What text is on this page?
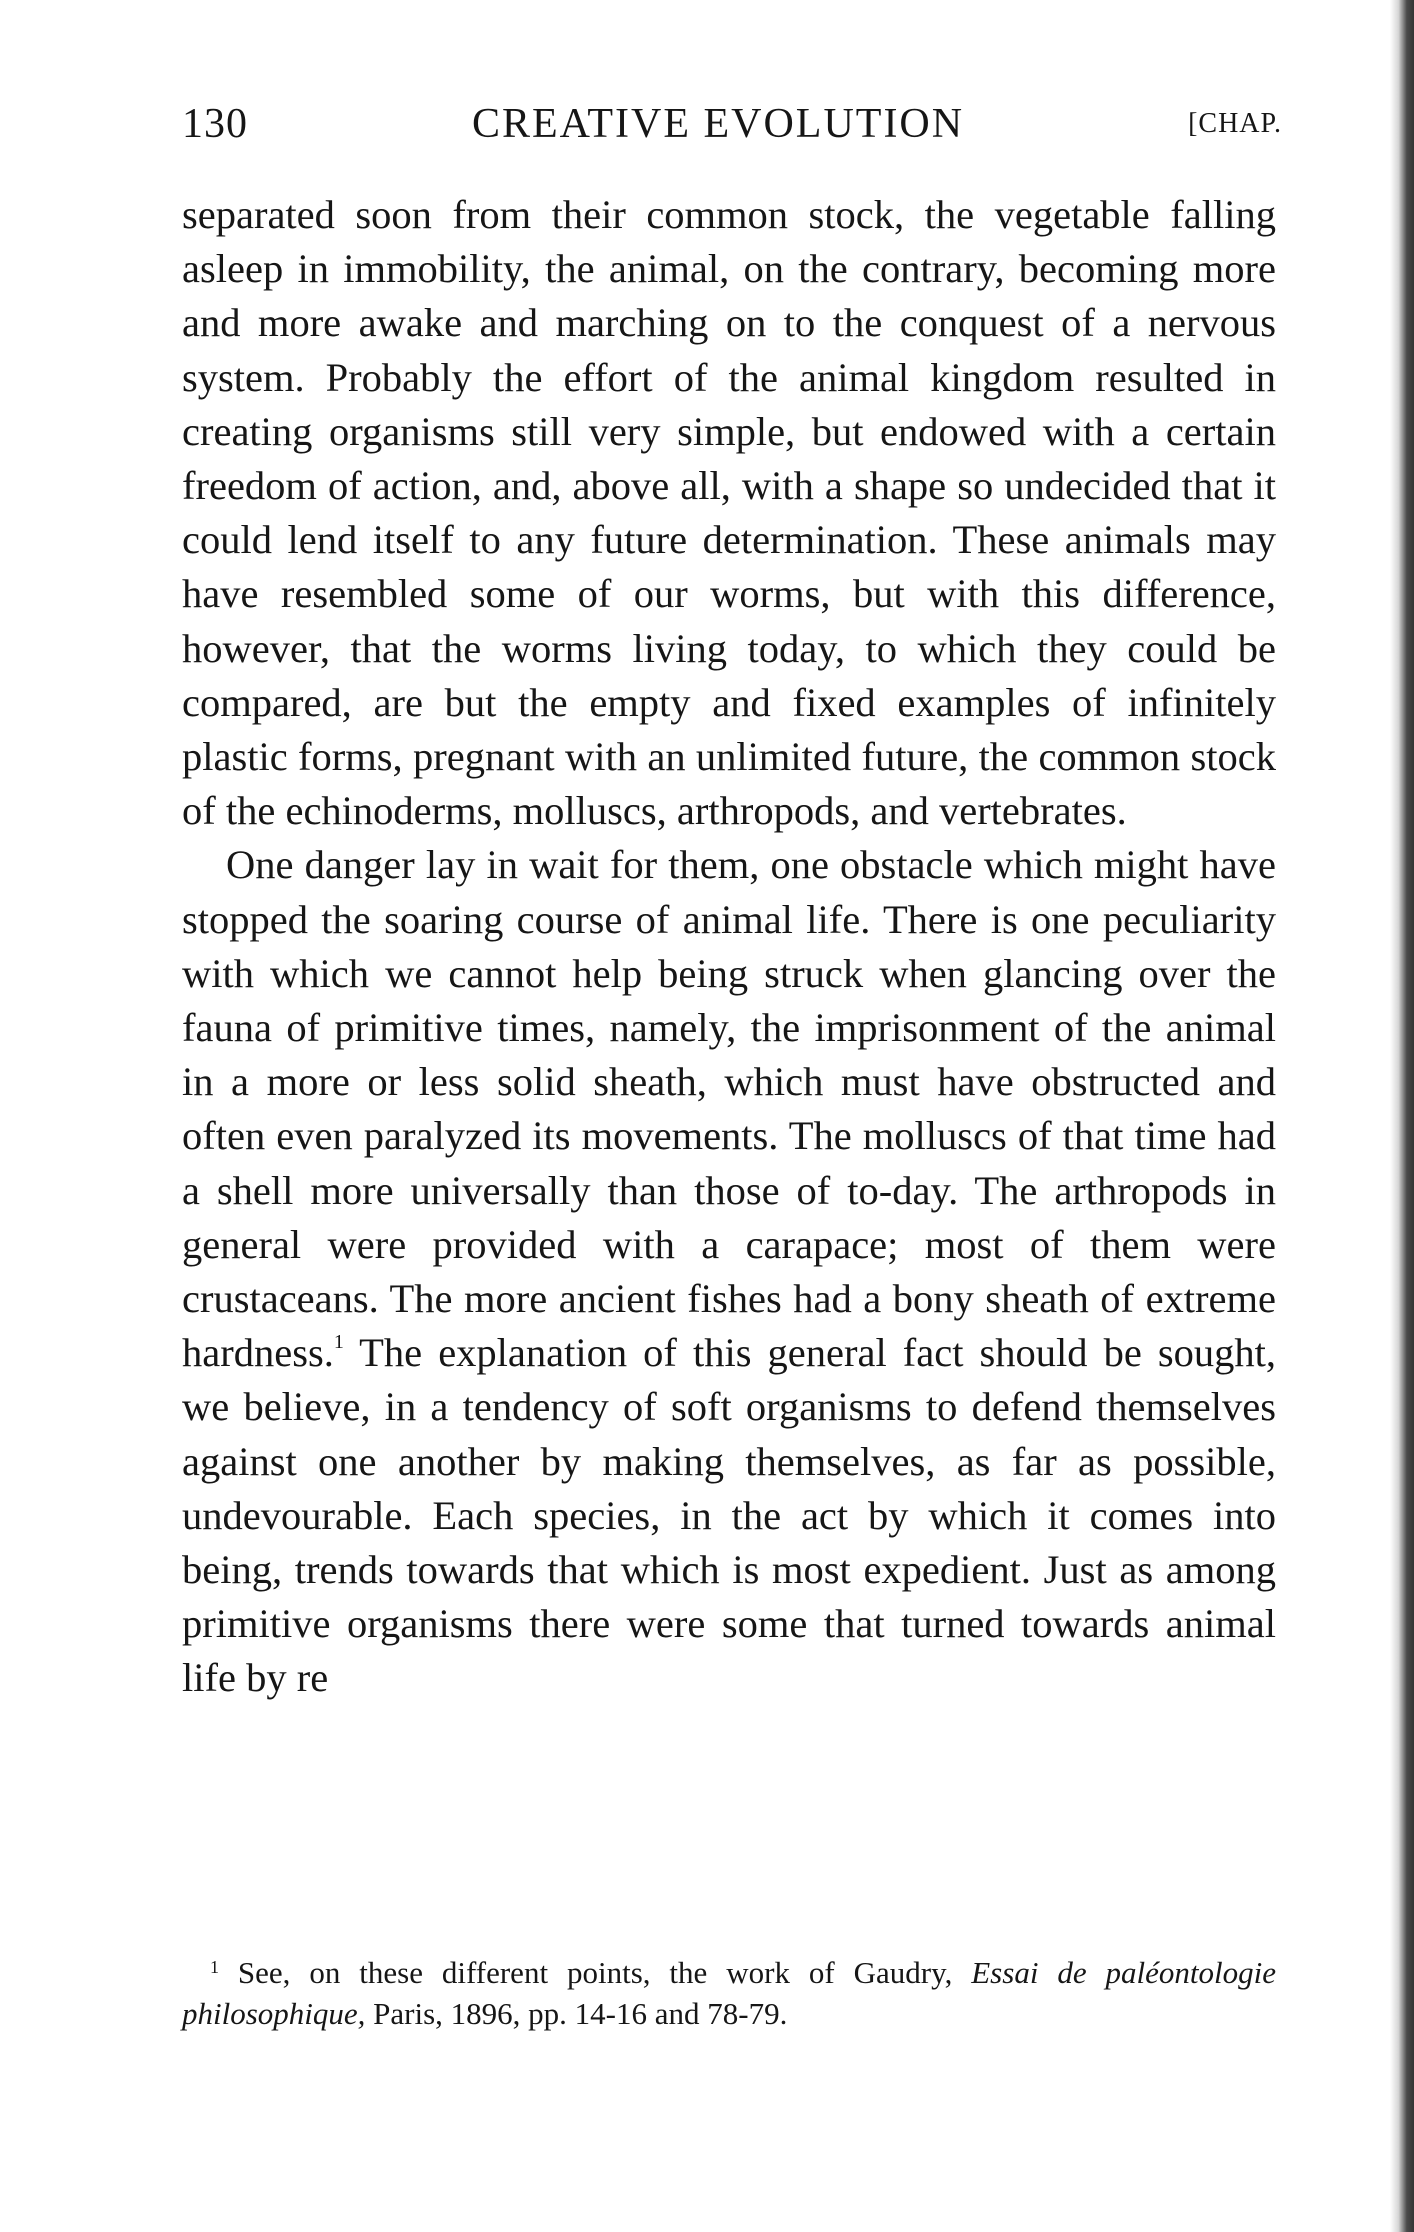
130	CREATIVE EVOLUTION	[CHAP.

separated soon from their common stock, the vegetable falling asleep in immobility, the animal, on the contrary, becoming more and more awake and marching on to the conquest of a nervous system. Probably the effort of the animal kingdom resulted in creating organisms still very simple, but endowed with a certain freedom of action, and, above all, with a shape so undecided that it could lend itself to any future determination. These animals may have resembled some of our worms, but with this difference, however, that the worms living today, to which they could be compared, are but the empty and fixed examples of infinitely plastic forms, pregnant with an unlimited future, the common stock of the echinoderms, molluscs, arthropods, and vertebrates.

One danger lay in wait for them, one obstacle which might have stopped the soaring course of animal life. There is one peculiarity with which we cannot help being struck when glancing over the fauna of primitive times, namely, the imprisonment of the animal in a more or less solid sheath, which must have obstructed and often even paralyzed its movements. The molluscs of that time had a shell more universally than those of to-day. The arthropods in general were provided with a carapace; most of them were crustaceans. The more ancient fishes had a bony sheath of extreme hardness.$^1$ The explanation of this general fact should be sought, we believe, in a tendency of soft organisms to defend themselves against one another by making themselves, as far as possible, undevourable. Each species, in the act by which it comes into being, trends towards that which is most expedient. Just as among primitive organisms there were some that turned towards animal life by re

$^1$ See, on these different points, the work of Gaudry, Essai de paléontologie philosophique, Paris, 1896, pp. 14-16 and 78-79.
